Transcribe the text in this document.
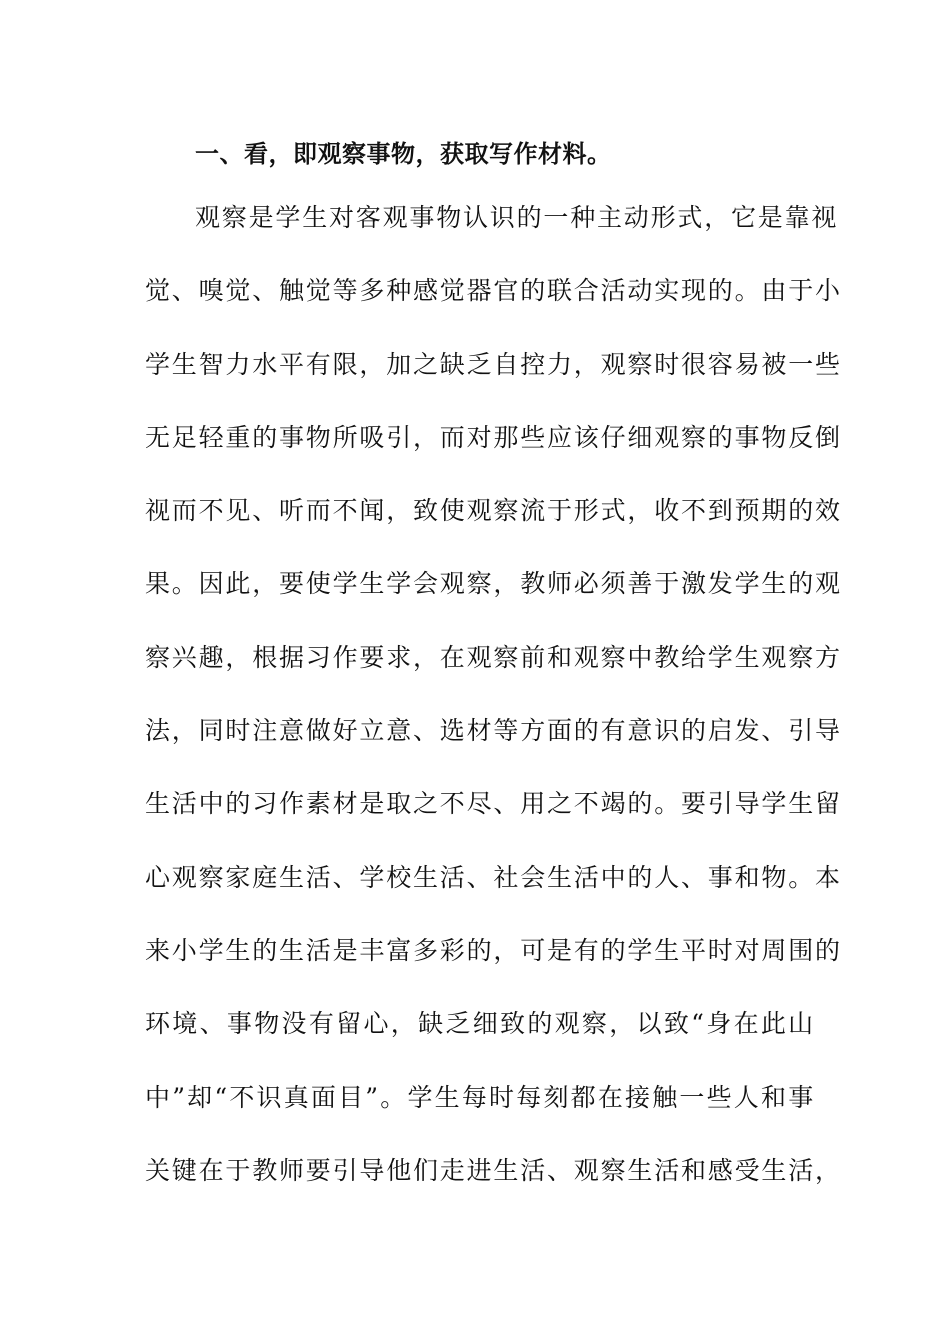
一、看，即观察事物，获取写作材料。
观察是学生对客观事物认识的一种主动形式，它是靠视
觉、嗅觉、触觉等多种感觉器官的联合活动实现的。由于小
学生智力水平有限，加之缺乏自控力，观察时很容易被一些
无足轻重的事物所吸引，而对那些应该仔细观察的事物反倒
视而不见、听而不闻，致使观察流于形式，收不到预期的效
果。因此，要使学生学会观察，教师必须善于激发学生的观
察兴趣，根据习作要求，在观察前和观察中教给学生观察方
法，同时注意做好立意、选材等方面的有意识的启发、引导
生活中的习作素材是取之不尽、用之不竭的。要引导学生留
心观察家庭生活、学校生活、社会生活中的人、事和物。本
来小学生的生活是丰富多彩的，可是有的学生平时对周围的
环境、事物没有留心，缺乏细致的观察，以致“身在此山
中”却“不识真面目”。学生每时每刻都在接触一些人和事
关键在于教师要引导他们走进生活、观察生活和感受生活，
